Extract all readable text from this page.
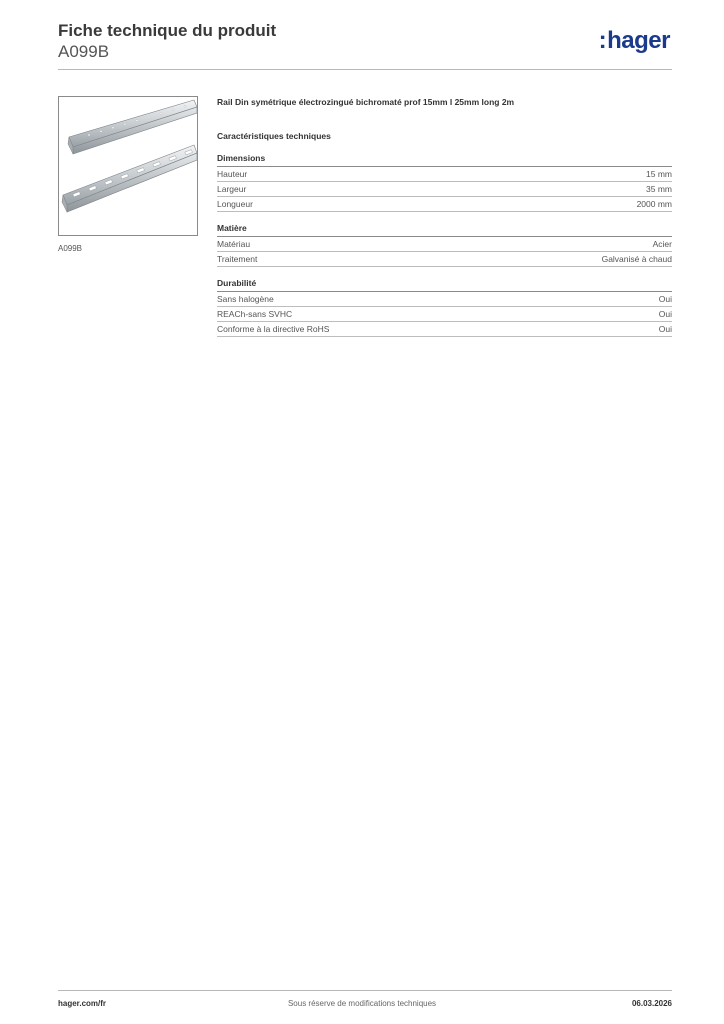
Fiche technique du produit
A099B	:hager
A099B
Rail Din symétrique électrozingué bichromaté prof 15mm l 25mm long 2m
Caractéristiques techniques
Dimensions
Hauteur	15 mm
Largeur	35 mm
Longueur	2000 mm
Matière
Matériau	Acier
Traitement	Galvanisé à chaud
Durabilité
Sans halogène	Oui
REACh-sans SVHC	Oui
Conforme à la directive RoHS	Oui
hager.com/fr	Sous réserve de modifications techniques	06.03.2026
